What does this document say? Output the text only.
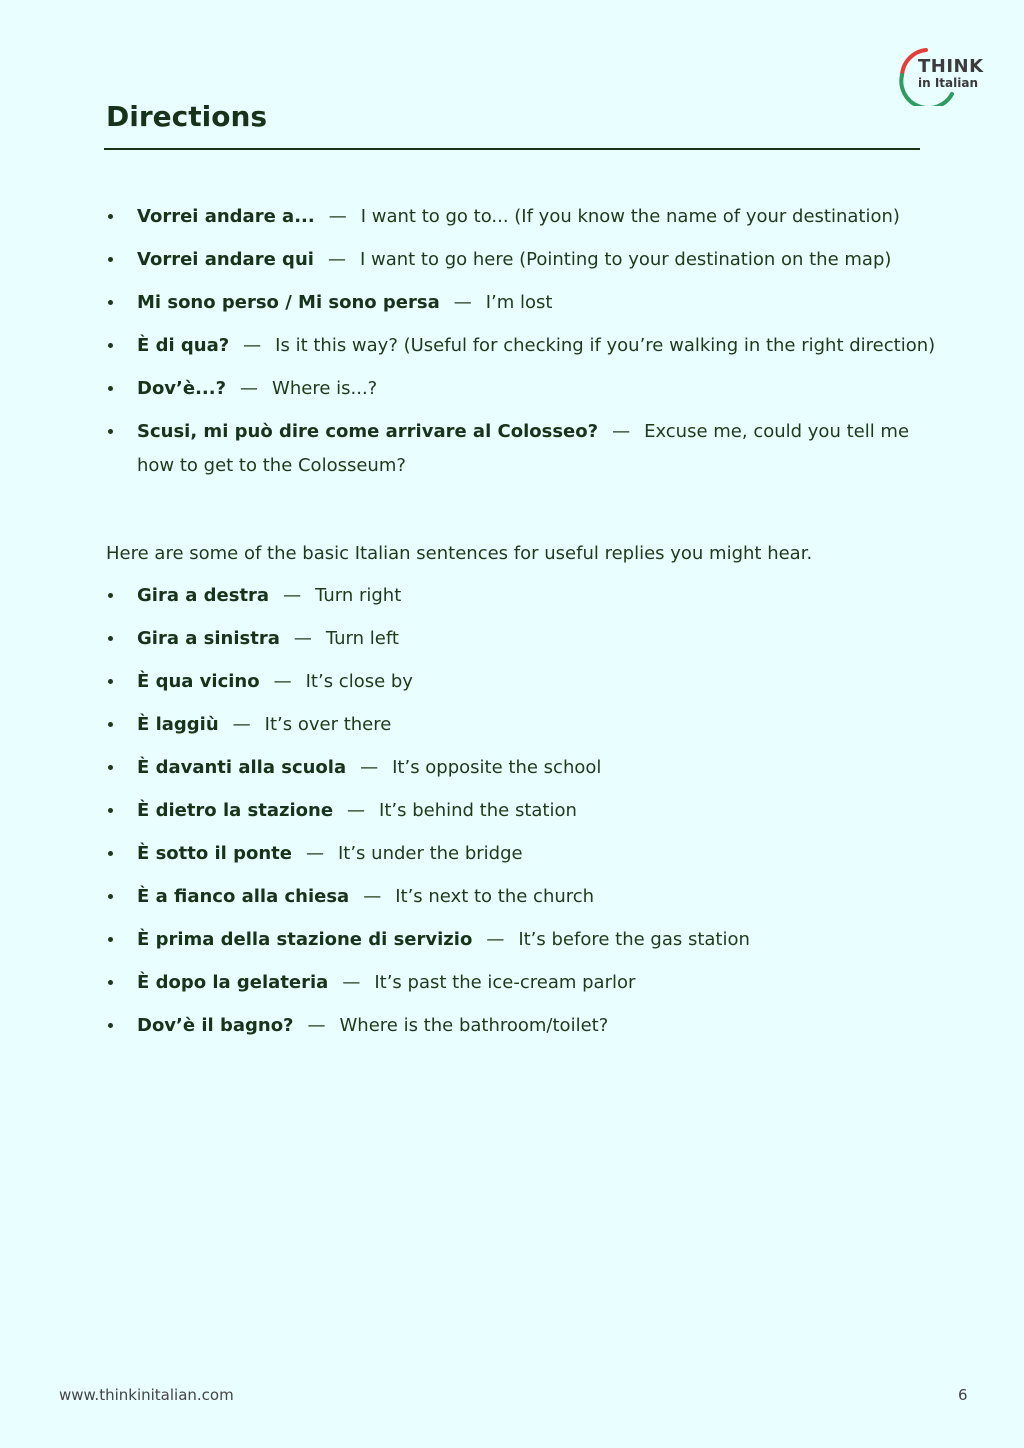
THINK
in Italian
Directions
Vorrei andare a... — I want to go to... (If you know the name of your destination)
Vorrei andare qui — I want to go here (Pointing to your destination on the map)
Mi sono perso / Mi sono persa — I’m lost
È di qua? — Is it this way? (Useful for checking if you’re walking in the right direction)
Dov’è...? — Where is...?
Scusi, mi può dire come arrivare al Colosseo? — Excuse me, could you tell me how to get to the Colosseum?

Here are some of the basic Italian sentences for useful replies you might hear.

Gira a destra — Turn right
Gira a sinistra — Turn left
È qua vicino — It’s close by
È laggiù — It’s over there
È davanti alla scuola — It’s opposite the school
È dietro la stazione — It’s behind the station
È sotto il ponte — It’s under the bridge
È a fianco alla chiesa — It’s next to the church
È prima della stazione di servizio — It’s before the gas station
È dopo la gelateria — It’s past the ice-cream parlor
Dov’è il bagno? — Where is the bathroom/toilet?
www.thinkinitalian.com	6
